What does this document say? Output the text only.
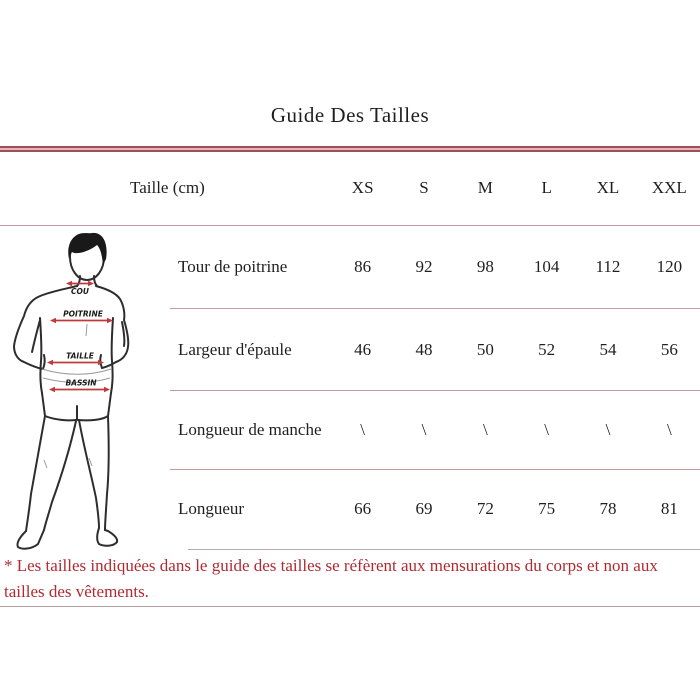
Guide Des Tailles
Taille (cm)	XS	S	M	L	XL	XXL
Tour de poitrine	86	92	98	104	112	120
Largeur d'épaule	46	48	50	52	54	56
Longueur de manche	\	\	\	\	\	\
Longueur	66	69	72	75	78	81
COU
POITRINE
TAILLE
BASSIN
* Les tailles indiquées dans le guide des tailles se réfèrent aux mensurations du corps et non aux tailles des vêtements.
